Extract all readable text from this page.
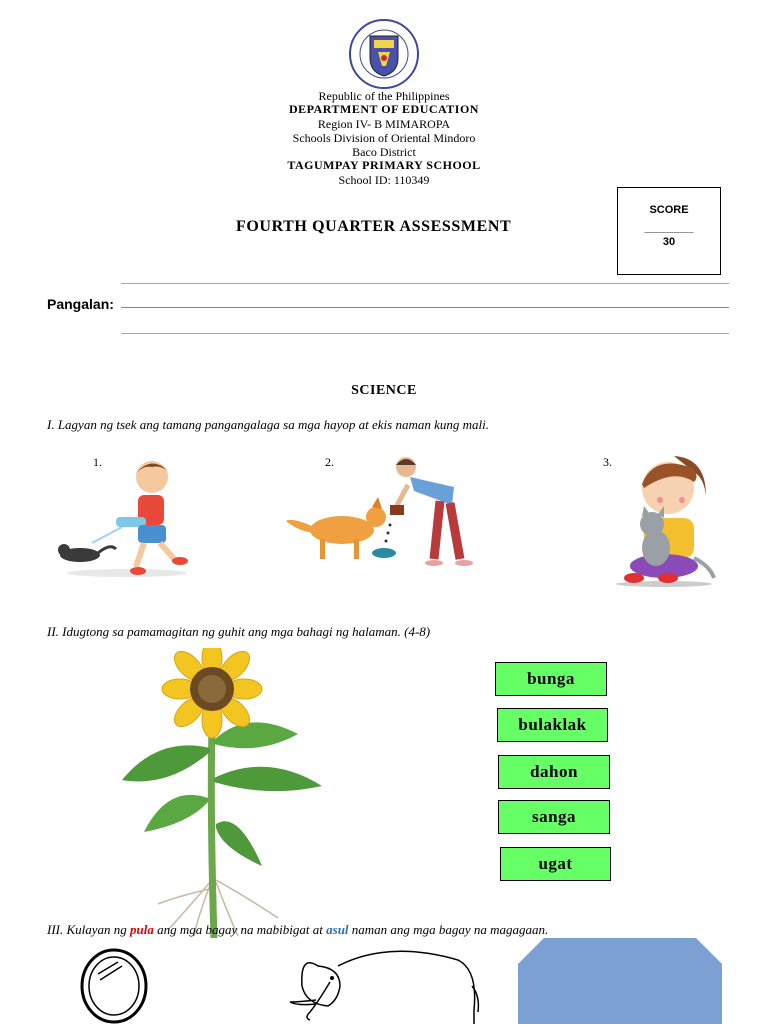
Republic of the Philippines
DEPARTMENT OF EDUCATION
Region IV- B MIMAROPA
Schools Division of Oriental Mindoro
Baco District
TAGUMPAY PRIMARY SCHOOL
School ID: 110349
FOURTH QUARTER ASSESSMENT
SCORE
________
30
Pangalan:
SCIENCE
I. Lagyan ng tsek ang tamang pangangalaga sa mga hayop at ekis naman kung mali.
1.	2.	3.
II. Idugtong sa pamamagitan ng guhit ang mga bahagi ng halaman. (4-8)
bunga
bulaklak
dahon
sanga
ugat
III. Kulayan ng pula ang mga bagay na mabibigat at asul naman ang mga bagay na magagaan.
